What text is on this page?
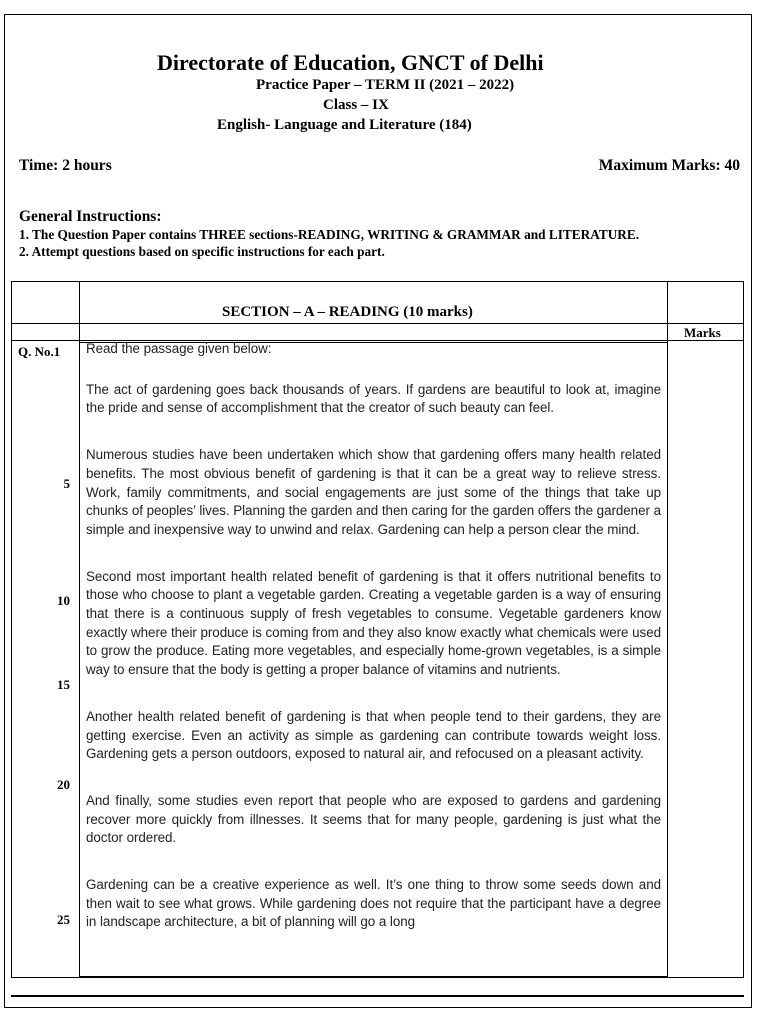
Directorate of Education, GNCT of Delhi
Practice Paper – TERM II (2021 – 2022)
Class – IX
English- Language and Literature (184)
Time: 2 hours	Maximum Marks: 40
General Instructions:
1. The Question Paper contains THREE sections-READING, WRITING & GRAMMAR and LITERATURE.
2. Attempt questions based on specific instructions for each part.
SECTION – A – READING (10 marks)
Marks
Q. No.1
5
10
15
20
25

Read the passage given below:

The act of gardening goes back thousands of years. If gardens are beautiful to look at, imagine the pride and sense of accomplishment that the creator of such beauty can feel.

Numerous studies have been undertaken which show that gardening offers many health related benefits. The most obvious benefit of gardening is that it can be a great way to relieve stress. Work, family commitments, and social engagements are just some of the things that take up chunks of peoples’ lives. Planning the garden and then caring for the garden offers the gardener a simple and inexpensive way to unwind and relax. Gardening can help a person clear the mind.

Second most important health related benefit of gardening is that it offers nutritional benefits to those who choose to plant a vegetable garden. Creating a vegetable garden is a way of ensuring that there is a continuous supply of fresh vegetables to consume. Vegetable gardeners know exactly where their produce is coming from and they also know exactly what chemicals were used to grow the produce. Eating more vegetables, and especially home-grown vegetables, is a simple way to ensure that the body is getting a proper balance of vitamins and nutrients.

Another health related benefit of gardening is that when people tend to their gardens, they are getting exercise. Even an activity as simple as gardening can contribute towards weight loss. Gardening gets a person outdoors, exposed to natural air, and refocused on a pleasant activity.

And finally, some studies even report that people who are exposed to gardens and gardening recover more quickly from illnesses. It seems that for many people, gardening is just what the doctor ordered.

Gardening can be a creative experience as well. It’s one thing to throw some seeds down and then wait to see what grows. While gardening does not require that the participant have a degree in landscape architecture, a bit of planning will go a long
